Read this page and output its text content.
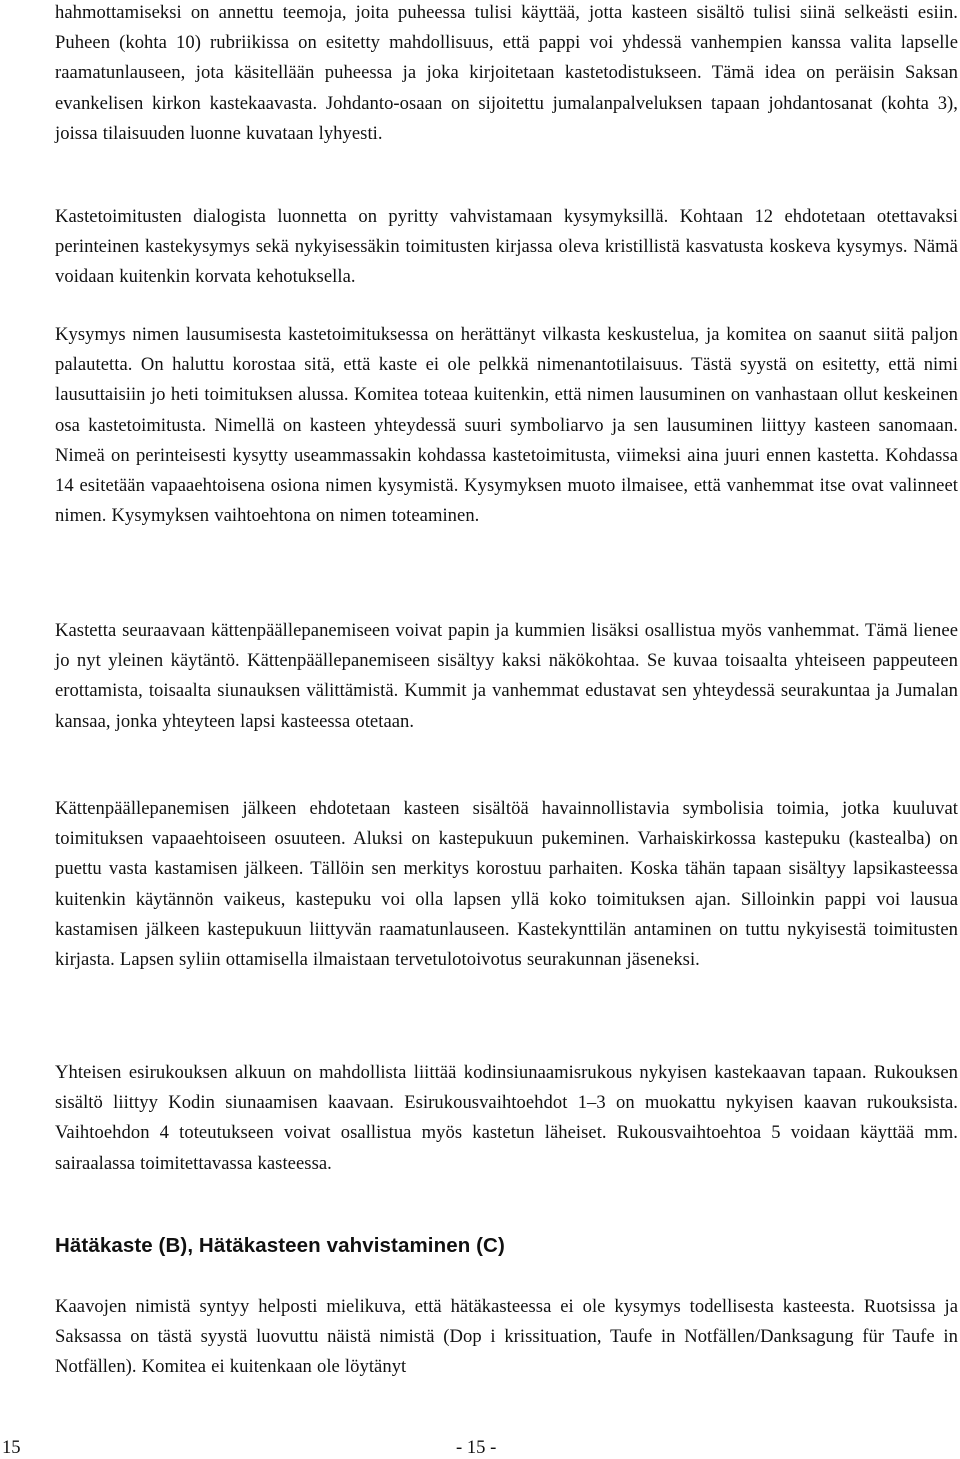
hahmottamiseksi on annettu teemoja, joita puheessa tulisi käyttää, jotta kasteen sisältö tulisi siinä selkeästi esiin. Puheen (kohta 10) rubriikissa on esitetty mahdollisuus, että pappi voi yhdessä vanhempien kanssa valita lapselle raamatunlauseen, jota käsitellään puheessa ja joka kirjoitetaan kastetodistukseen. Tämä idea on peräisin Saksan evankelisen kirkon kastekaavasta. Johdanto-osaan on sijoitettu jumalanpalveluksen tapaan johdantosanat (kohta 3), joissa tilaisuuden luonne kuvataan lyhyesti.

Kastetoimitusten dialogista luonnetta on pyritty vahvistamaan kysymyksillä. Kohtaan 12 ehdotetaan otettavaksi perinteinen kastekysymys sekä nykyisessäkin toimitusten kirjassa oleva kristillistä kasvatusta koskeva kysymys. Nämä voidaan kuitenkin korvata kehotuksella.

Kysymys nimen lausumisesta kastetoimituksessa on herättänyt vilkasta keskustelua, ja komitea on saanut siitä paljon palautetta. On haluttu korostaa sitä, että kaste ei ole pelkkä nimenantotilaisuus. Tästä syystä on esitetty, että nimi lausuttaisiin jo heti toimituksen alussa. Komitea toteaa kuitenkin, että nimen lausuminen on vanhastaan ollut keskeinen osa kastetoimitusta. Nimellä on kasteen yhteydessä suuri symboliarvo ja sen lausuminen liittyy kasteen sanomaan. Nimeä on perinteisesti kysytty useammassakin kohdassa kastetoimitusta, viimeksi aina juuri ennen kastetta. Kohdassa 14 esitetään vapaaehtoisena osiona nimen kysymistä. Kysymyksen muoto ilmaisee, että vanhemmat itse ovat valinneet nimen. Kysymyksen vaihtoehtona on nimen toteaminen.

Kastetta seuraavaan kättenpäällepanemiseen voivat papin ja kummien lisäksi osallistua myös vanhemmat. Tämä lienee jo nyt yleinen käytäntö. Kättenpäällepanemiseen sisältyy kaksi näkökohtaa. Se kuvaa toisaalta yhteiseen pappeuteen erottamista, toisaalta siunauksen välittämistä. Kummit ja vanhemmat edustavat sen yhteydessä seurakuntaa ja Jumalan kansaa, jonka yhteyteen lapsi kasteessa otetaan.

Kättenpäällepanemisen jälkeen ehdotetaan kasteen sisältöä havainnollistavia symbolisia toimia, jotka kuuluvat toimituksen vapaaehtoiseen osuuteen. Aluksi on kastepukuun pukeminen. Varhaiskirkossa kastepuku (kastealba) on puettu vasta kastamisen jälkeen. Tällöin sen merkitys korostuu parhaiten. Koska tähän tapaan sisältyy lapsikasteessa kuitenkin käytännön vaikeus, kastepuku voi olla lapsen yllä koko toimituksen ajan. Silloinkin pappi voi lausua kastamisen jälkeen kastepukuun liittyvän raamatunlauseen. Kastekynttilän antaminen on tuttu nykyisestä toimitusten kirjasta. Lapsen syliin ottamisella ilmaistaan tervetulotoivotus seurakunnan jäseneksi.

Yhteisen esirukouksen alkuun on mahdollista liittää kodinsiunaamisrukous nykyisen kastekaavan tapaan. Rukouksen sisältö liittyy Kodin siunaamisen kaavaan. Esirukousvaihtoehdot 1–3 on muokattu nykyisen kaavan rukouksista. Vaihtoehdon 4 toteutukseen voivat osallistua myös kastetun läheiset. Rukousvaihtoehtoa 5 voidaan käyttää mm. sairaalassa toimitettavassa kasteessa.

Hätäkaste (B), Hätäkasteen vahvistaminen (C)

Kaavojen nimistä syntyy helposti mielikuva, että hätäkasteessa ei ole kysymys todellisesta kasteesta. Ruotsissa ja Saksassa on tästä syystä luovuttu näistä nimistä (Dop i krissituation, Taufe in Notfällen/Danksagung für Taufe in Notfällen). Komitea ei kuitenkaan ole löytänyt

15	- 15 -
